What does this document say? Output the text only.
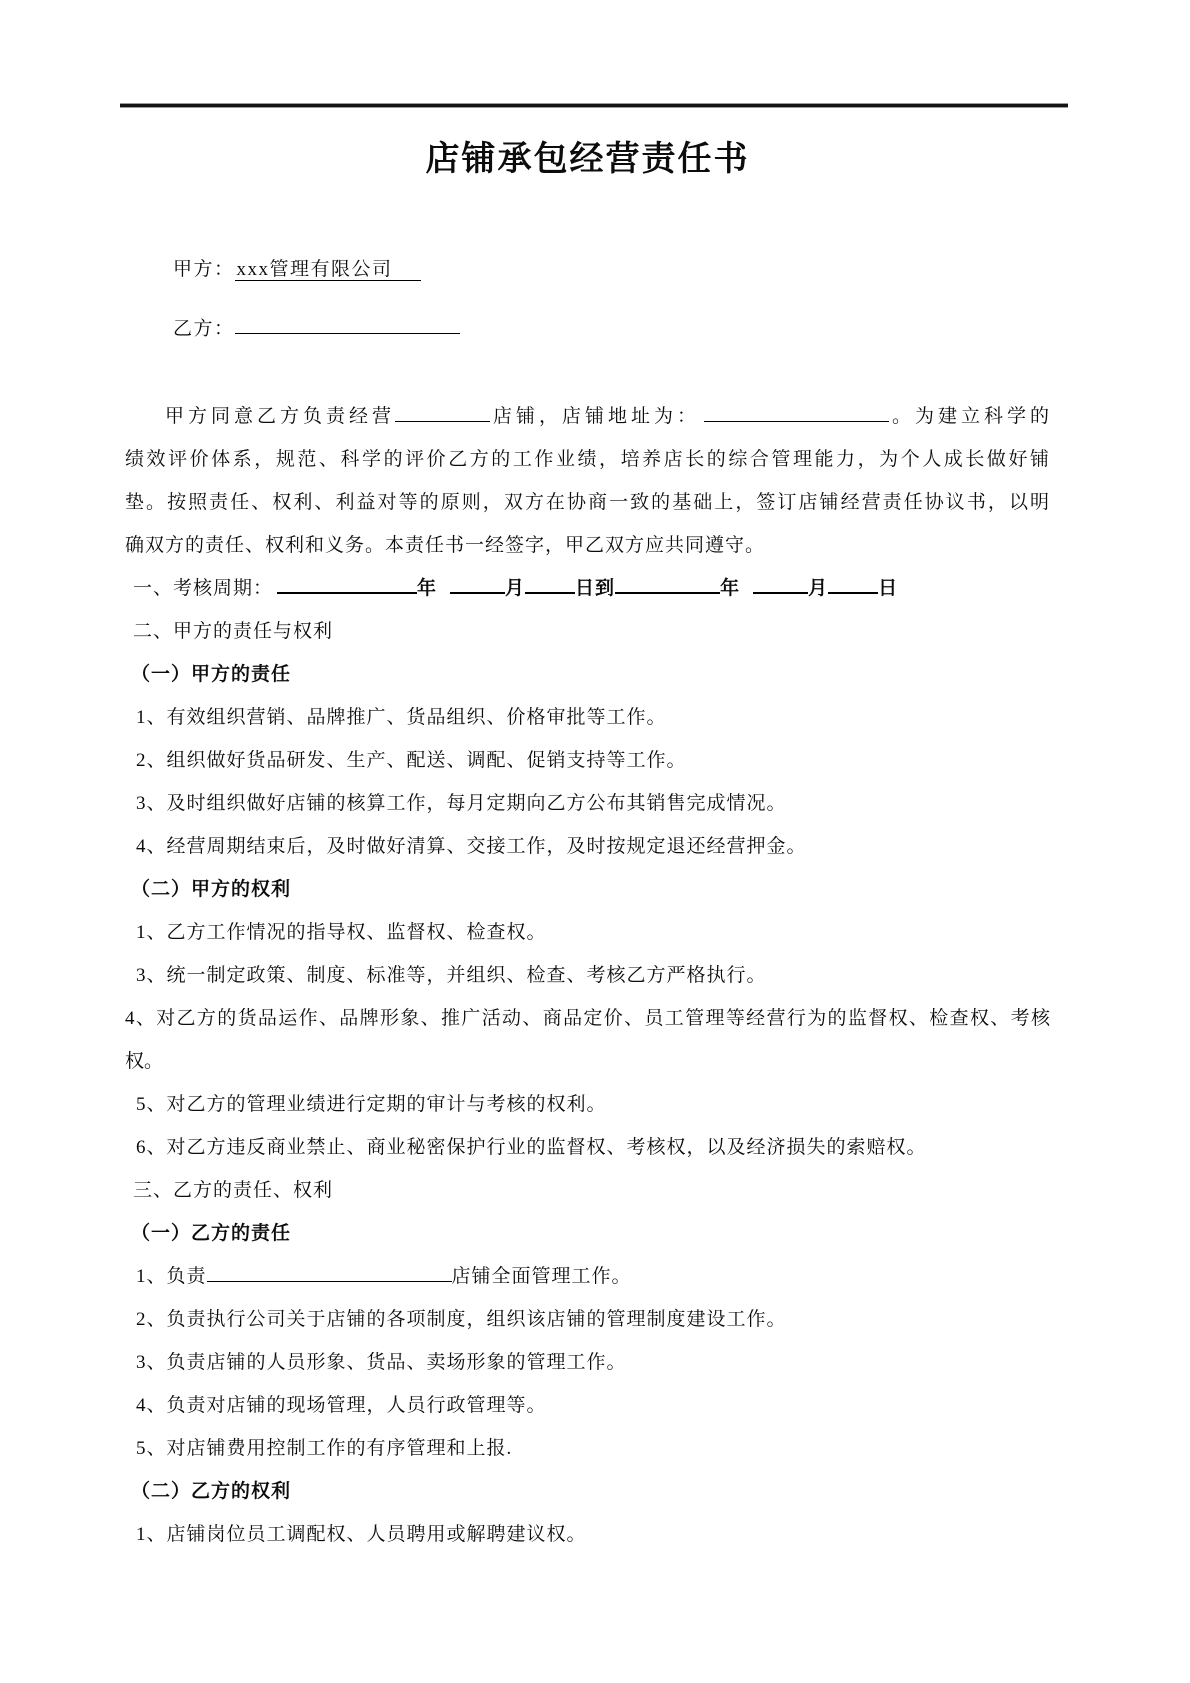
店铺承包经营责任书
甲方： xxx管理有限公司
乙方：
甲方同意乙方负责经营	店铺，店铺地址为：	。为建立科学的
绩效评价体系，规范、科学的评价乙方的工作业绩，培养店长的综合管理能力，为个人成长做好铺
垫。按照责任、权利、利益对等的原则，双方在协商一致的基础上，签订店铺经营责任协议书，以明
确双方的责任、权利和义务。本责任书一经签字，甲乙双方应共同遵守。
一、考核周期：	年	月	日到	年	月	日
二、甲方的责任与权利
（一）甲方的责任
1、有效组织营销、品牌推广、货品组织、价格审批等工作。
2、组织做好货品研发、生产、配送、调配、促销支持等工作。
3、及时组织做好店铺的核算工作，每月定期向乙方公布其销售完成情况。
4、经营周期结束后，及时做好清算、交接工作，及时按规定退还经营押金。
（二）甲方的权利
1、乙方工作情况的指导权、监督权、检查权。
3、统一制定政策、制度、标准等，并组织、检查、考核乙方严格执行。
4、对乙方的货品运作、品牌形象、推广活动、商品定价、员工管理等经营行为的监督权、检查权、考核
权。
5、对乙方的管理业绩进行定期的审计与考核的权利。
6、对乙方违反商业禁止、商业秘密保护行业的监督权、考核权，以及经济损失的索赔权。
三、乙方的责任、权利
（一）乙方的责任
1、负责	店铺全面管理工作。
2、负责执行公司关于店铺的各项制度，组织该店铺的管理制度建设工作。
3、负责店铺的人员形象、货品、卖场形象的管理工作。
4、负责对店铺的现场管理，人员行政管理等。
5、对店铺费用控制工作的有序管理和上报.
（二）乙方的权利
1、店铺岗位员工调配权、人员聘用或解聘建议权。
